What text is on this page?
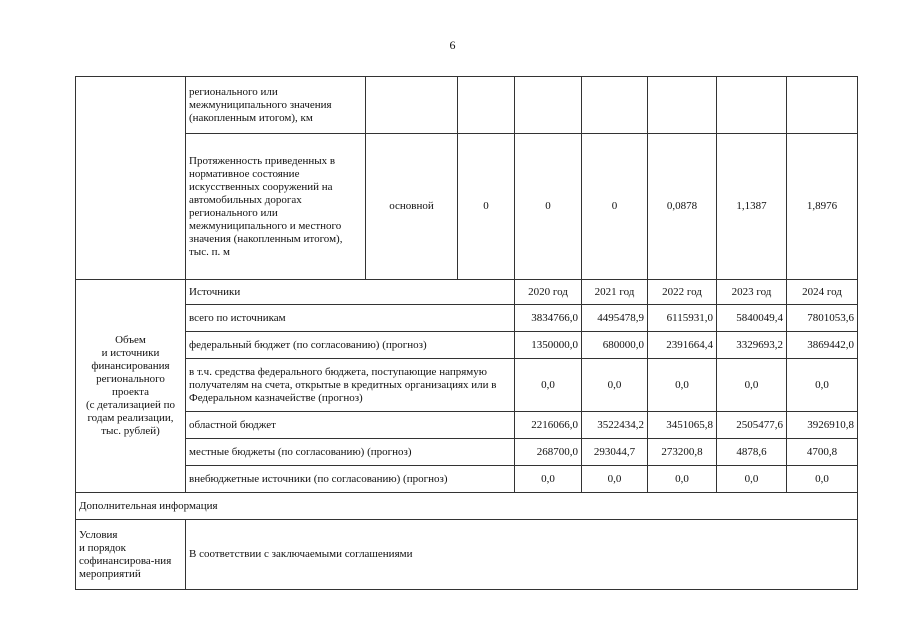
6
	регионального или
межмуниципального значения
(накопленным итогом), км							
	Протяженность приведенных в нормативное состояние искусственных сооружений на автомобильных дорогах регионального или межмуниципального и местного значения (накопленным итогом), тыс. п. м	основной	0	0	0	0,0878	1,1387	1,8976
Объем
и источники финансирования регионального проекта
(с детализацией по годам реализации, тыс. рублей)	Источники			2020 год	2021 год	2022 год	2023 год	2024 год
	всего по источникам			3834766,0	4495478,9	6115931,0	5840049,4	7801053,6
	федеральный бюджет (по согласованию) (прогноз)			1350000,0	680000,0	2391664,4	3329693,2	3869442,0
	в т.ч. средства федерального бюджета, поступающие напрямую получателям на счета, открытые в кредитных организациях или в Федеральном казначействе (прогноз)			0,0	0,0	0,0	0,0	0,0
	областной бюджет			2216066,0	3522434,2	3451065,8	2505477,6	3926910,8
	местные бюджеты (по согласованию) (прогноз)			268700,0	293044,7	273200,8	4878,6	4700,8
	внебюджетные источники (по согласованию) (прогноз)			0,0	0,0	0,0	0,0	0,0
Дополнительная информация								
Условия
и порядок софинансирова-ния мероприятий	В соответствии с заключаемыми соглашениями							
